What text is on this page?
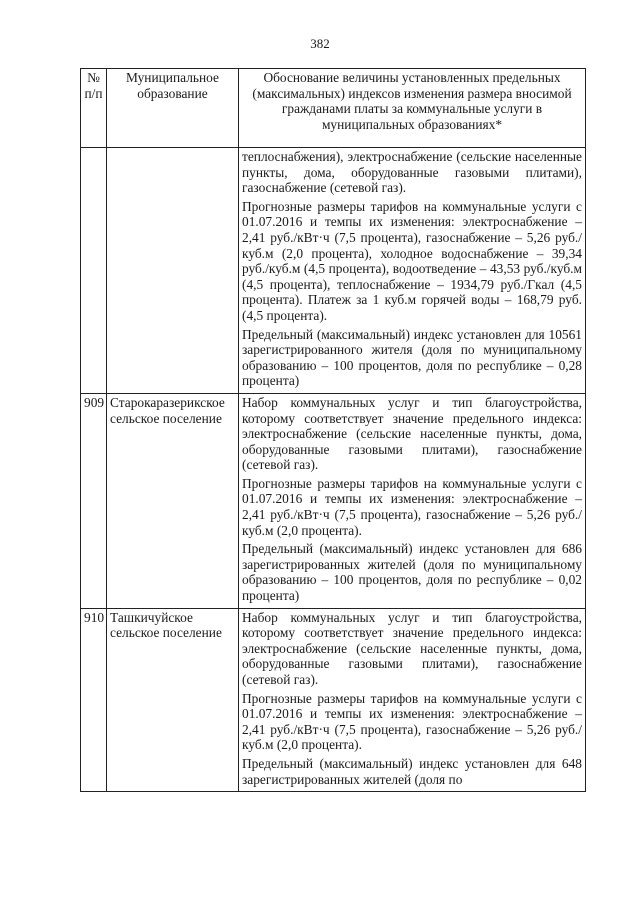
382
№ п/п	Муниципальное образование	Обоснование величины установленных предельных (максимальных) индексов изменения размера вносимой гражданами платы за коммунальные услуги в муниципальных образованиях*

		теплоснабжения), электроснабжение (сельские населенные пункты, дома, оборудованные газовыми плитами), газоснабжение (сетевой газ).

Прогнозные размеры тарифов на коммунальные услуги с 01.07.2016 и темпы их изменения: электроснабжение – 2,41 руб./кВт·ч (7,5 процента), газоснабжение – 5,26 руб./куб.м (2,0 процента), холодное водоснабжение – 39,34 руб./куб.м (4,5 процента), водоотведение – 43,53 руб./куб.м (4,5 процента), теплоснабжение – 1934,79 руб./Гкал (4,5 процента). Платеж за 1 куб.м горячей воды – 168,79 руб. (4,5 процента).

Предельный (максимальный) индекс установлен для 10561 зарегистрированного жителя (доля по муниципальному образованию – 100 процентов, доля по республике – 0,28 процента)

909	Старокаразерикское сельское поселение	Набор коммунальных услуг и тип благоустройства, которому соответствует значение предельного индекса: электроснабжение (сельские населенные пункты, дома, оборудованные газовыми плитами), газоснабжение (сетевой газ).

Прогнозные размеры тарифов на коммунальные услуги с 01.07.2016 и темпы их изменения: электроснабжение – 2,41 руб./кВт·ч (7,5 процента), газоснабжение – 5,26 руб./куб.м (2,0 процента).

Предельный (максимальный) индекс установлен для 686 зарегистрированных жителей (доля по муниципальному образованию – 100 процентов, доля по республике – 0,02 процента)

910	Ташкичуйское сельское поселение	Набор коммунальных услуг и тип благоустройства, которому соответствует значение предельного индекса: электроснабжение (сельские населенные пункты, дома, оборудованные газовыми плитами), газоснабжение (сетевой газ).

Прогнозные размеры тарифов на коммунальные услуги с 01.07.2016 и темпы их изменения: электроснабжение – 2,41 руб./кВт·ч (7,5 процента), газоснабжение – 5,26 руб./куб.м (2,0 процента).

Предельный (максимальный) индекс установлен для 648 зарегистрированных жителей (доля по
